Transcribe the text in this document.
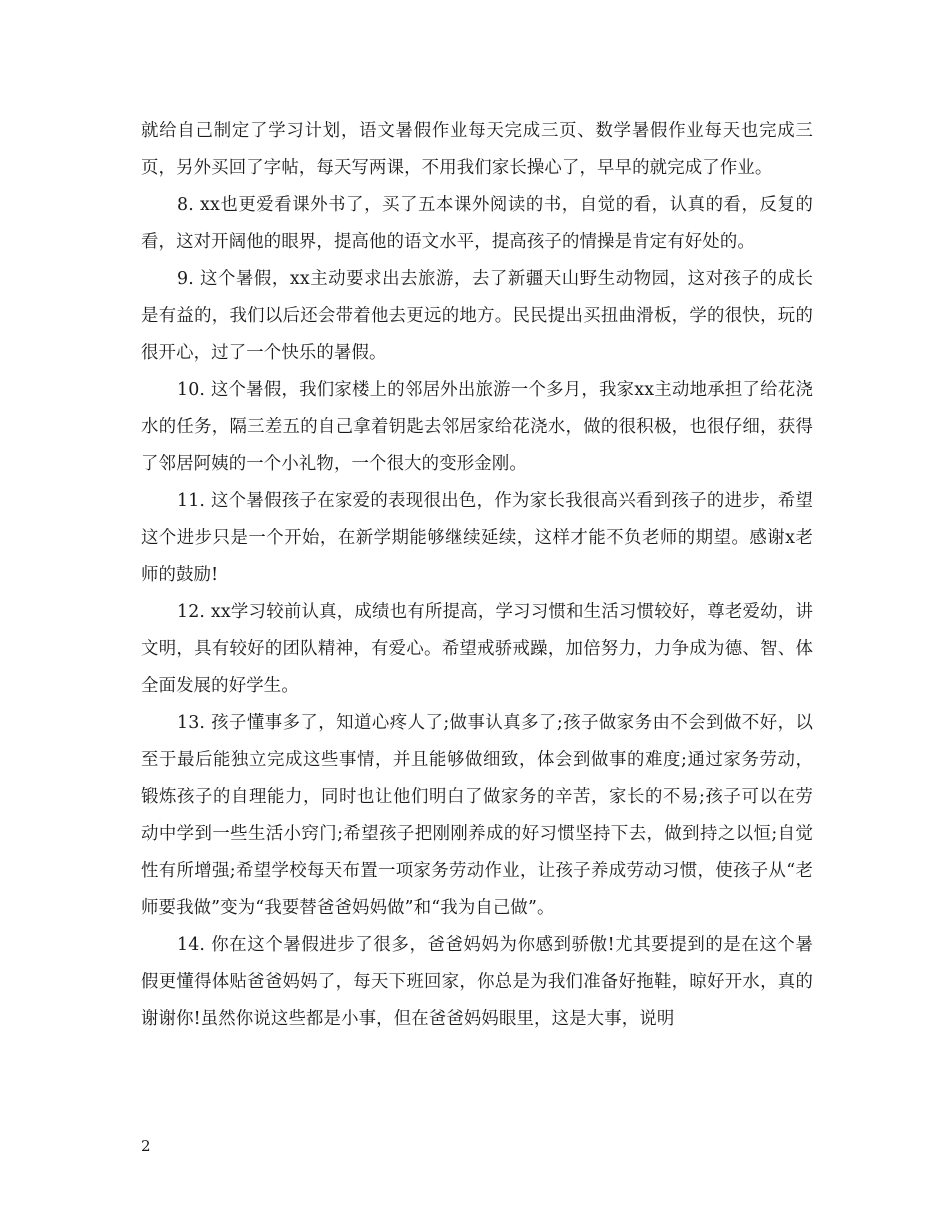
就给自己制定了学习计划，语文暑假作业每天完成三页、数学暑假作业每天也完成三页，另外买回了字帖，每天写两课，不用我们家长操心了，早早的就完成了作业。

8. xx也更爱看课外书了，买了五本课外阅读的书，自觉的看，认真的看，反复的看，这对开阔他的眼界，提高他的语文水平，提高孩子的情操是肯定有好处的。

9. 这个暑假，xx主动要求出去旅游，去了新疆天山野生动物园，这对孩子的成长是有益的，我们以后还会带着他去更远的地方。民民提出买扭曲滑板，学的很快，玩的很开心，过了一个快乐的暑假。

10. 这个暑假，我们家楼上的邻居外出旅游一个多月，我家xx主动地承担了给花浇水的任务，隔三差五的自己拿着钥匙去邻居家给花浇水，做的很积极，也很仔细，获得了邻居阿姨的一个小礼物，一个很大的变形金刚。

11. 这个暑假孩子在家爱的表现很出色，作为家长我很高兴看到孩子的进步，希望这个进步只是一个开始，在新学期能够继续延续，这样才能不负老师的期望。感谢x老师的鼓励!

12. xx学习较前认真，成绩也有所提高，学习习惯和生活习惯较好，尊老爱幼，讲文明，具有较好的团队精神，有爱心。希望戒骄戒躁，加倍努力，力争成为德、智、体全面发展的好学生。

13. 孩子懂事多了，知道心疼人了;做事认真多了;孩子做家务由不会到做不好，以至于最后能独立完成这些事情，并且能够做细致，体会到做事的难度;通过家务劳动，锻炼孩子的自理能力，同时也让他们明白了做家务的辛苦，家长的不易;孩子可以在劳动中学到一些生活小窍门;希望孩子把刚刚养成的好习惯坚持下去，做到持之以恒;自觉性有所增强;希望学校每天布置一项家务劳动作业，让孩子养成劳动习惯，使孩子从“老师要我做”变为“我要替爸爸妈妈做”和“我为自己做”。

14. 你在这个暑假进步了很多，爸爸妈妈为你感到骄傲!尤其要提到的是在这个暑假更懂得体贴爸爸妈妈了，每天下班回家，你总是为我们准备好拖鞋，晾好开水，真的谢谢你!虽然你说这些都是小事，但在爸爸妈妈眼里，这是大事，说明

2
